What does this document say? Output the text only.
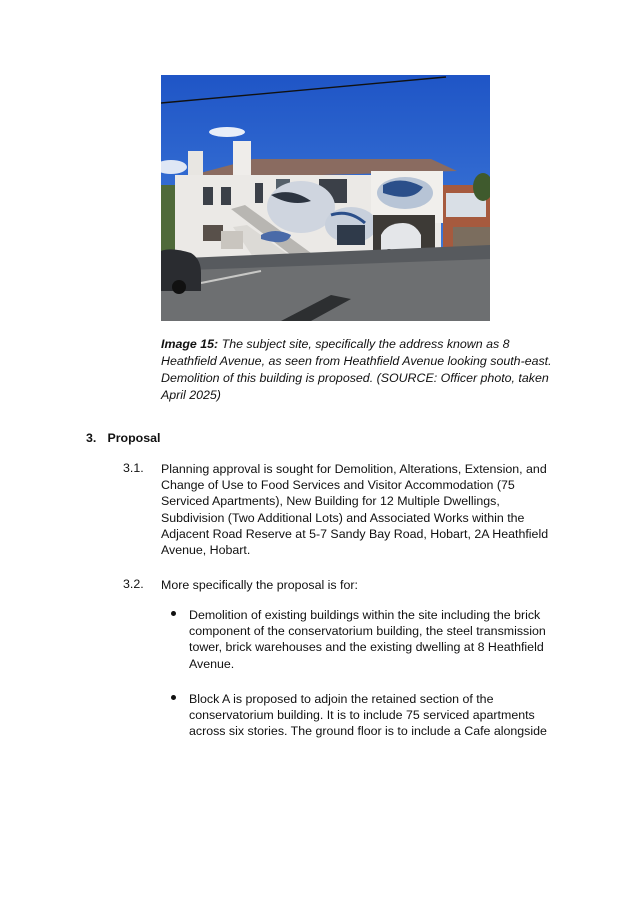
Image 15: The subject site, specifically the address known as 8 Heathfield Avenue, as seen from Heathfield Avenue looking south-east. Demolition of this building is proposed. (SOURCE: Officer photo, taken April 2025)
3. Proposal
3.1. Planning approval is sought for Demolition, Alterations, Extension, and Change of Use to Food Services and Visitor Accommodation (75 Serviced Apartments), New Building for 12 Multiple Dwellings, Subdivision (Two Additional Lots) and Associated Works within the Adjacent Road Reserve at 5-7 Sandy Bay Road, Hobart, 2A Heathfield Avenue, Hobart.
3.2. More specifically the proposal is for:
Demolition of existing buildings within the site including the brick component of the conservatorium building, the steel transmission tower, brick warehouses and the existing dwelling at 8 Heathfield Avenue.
Block A is proposed to adjoin the retained section of the conservatorium building. It is to include 75 serviced apartments across six stories. The ground floor is to include a Cafe alongside
